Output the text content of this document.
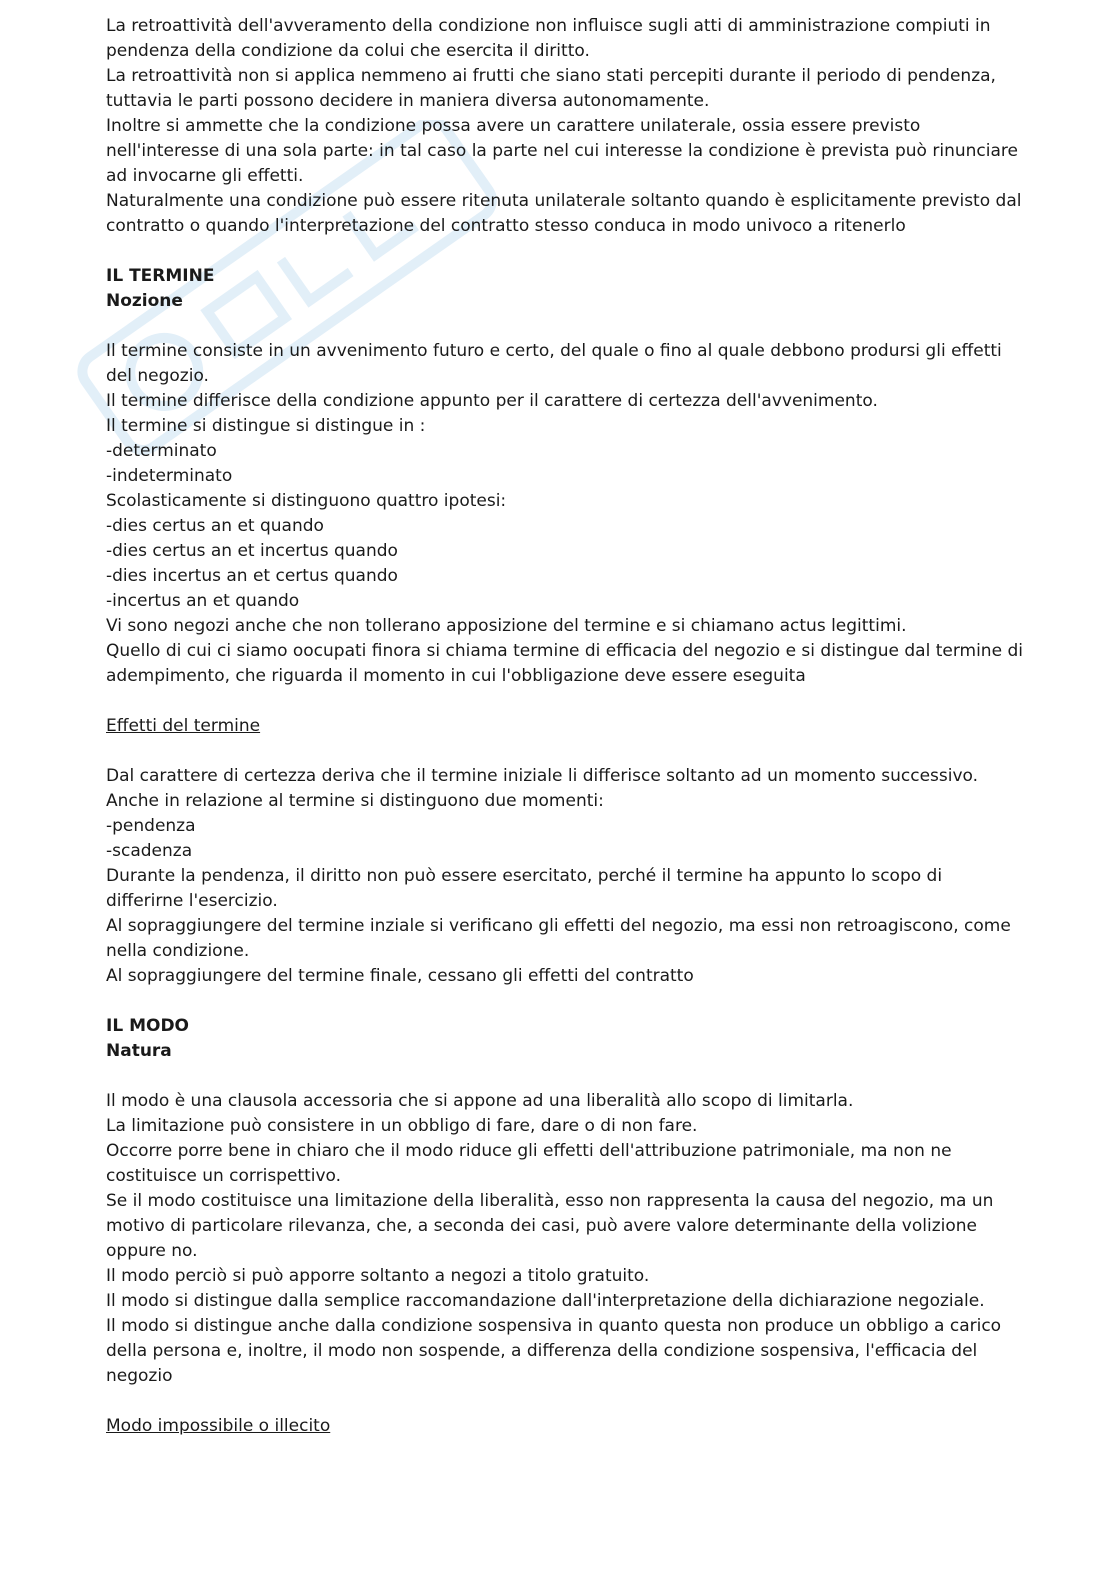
La retroattività dell'avveramento della condizione non influisce sugli atti di amministrazione compiuti in
pendenza della condizione da colui che esercita il diritto.
La retroattività non si applica nemmeno ai frutti che siano stati percepiti durante il periodo di pendenza,
tuttavia le parti possono decidere in maniera diversa autonomamente.
Inoltre si ammette che la condizione possa avere un carattere unilaterale, ossia essere previsto
nell'interesse di una sola parte: in tal caso la parte nel cui interesse la condizione è prevista può rinunciare
ad invocarne gli effetti.
Naturalmente una condizione può essere ritenuta unilaterale soltanto quando è esplicitamente previsto dal
contratto o quando l'interpretazione del contratto stesso conduca in modo univoco a ritenerlo
IL TERMINE
Nozione
Il termine consiste in un avvenimento futuro e certo, del quale o fino al quale debbono prodursi gli effetti
del negozio.
Il termine differisce della condizione appunto per il carattere di certezza dell'avvenimento.
Il termine si distingue si distingue in :
-determinato
-indeterminato
Scolasticamente si distinguono quattro ipotesi:
-dies certus an et quando
-dies certus an et incertus quando
-dies incertus an et certus quando
-incertus an et quando
Vi sono negozi anche che non tollerano apposizione del termine e si chiamano actus legittimi.
Quello di cui ci siamo oocupati finora si chiama termine di efficacia del negozio e si distingue dal termine di
adempimento, che riguarda il momento in cui l'obbligazione deve essere eseguita
Effetti del termine
Dal carattere di certezza deriva che il termine iniziale li differisce soltanto ad un momento successivo.
Anche in relazione al termine si distinguono due momenti:
-pendenza
-scadenza
Durante la pendenza, il diritto non può essere esercitato, perché il termine ha appunto lo scopo di
differirne l'esercizio.
Al sopraggiungere del termine inziale si verificano gli effetti del negozio, ma essi non retroagiscono, come
nella condizione.
Al sopraggiungere del termine finale, cessano gli effetti del contratto
IL MODO
Natura
Il modo è una clausola accessoria che si appone ad una liberalità allo scopo di limitarla.
La limitazione può consistere in un obbligo di fare, dare o di non fare.
Occorre porre bene in chiaro che il modo riduce gli effetti dell'attribuzione patrimoniale, ma non ne
costituisce un corrispettivo.
Se il modo costituisce una limitazione della liberalità, esso non rappresenta la causa del negozio, ma un
motivo di particolare rilevanza, che, a seconda dei casi, può avere valore determinante della volizione
oppure no.
Il modo perciò si può apporre soltanto a negozi a titolo gratuito.
Il modo si distingue dalla semplice raccomandazione dall'interpretazione della dichiarazione negoziale.
Il modo si distingue anche dalla condizione sospensiva in quanto questa non produce un obbligo a carico
della persona e, inoltre, il modo non sospende, a differenza della condizione sospensiva, l'efficacia del
negozio
Modo impossibile o illecito
